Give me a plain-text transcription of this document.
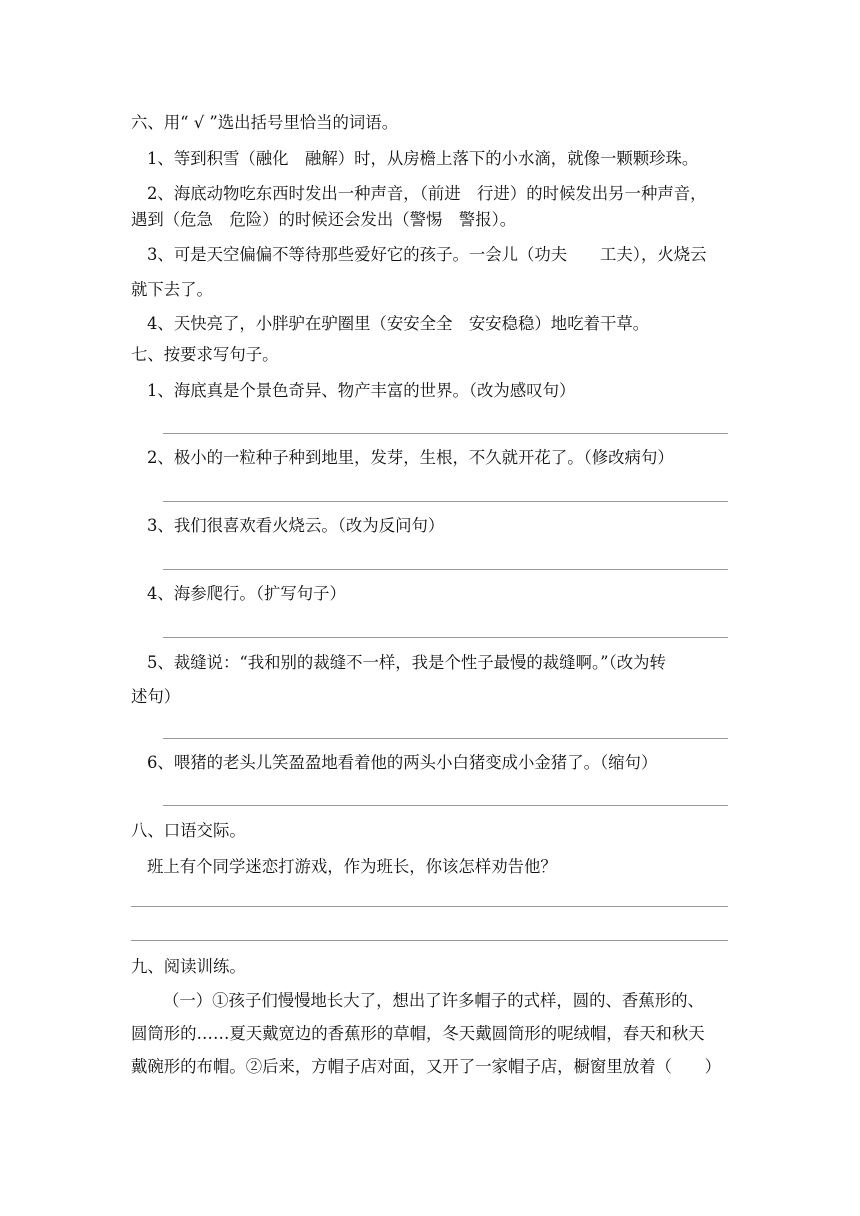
六、用“ √ ”选出括号里恰当的词语。
1、等到积雪（融化　融解）时，从房檐上落下的小水滴，就像一颗颗珍珠。
2、海底动物吃东西时发出一种声音，（前进　行进）的时候发出另一种声音，
遇到（危急　危险）的时候还会发出（警惕　警报）。
3、可是天空偏偏不等待那些爱好它的孩子。一会儿（功夫　　工夫），火烧云
就下去了。
4、天快亮了，小胖驴在驴圈里（安安全全　安安稳稳）地吃着干草。
七、按要求写句子。
1、海底真是个景色奇异、物产丰富的世界。（改为感叹句）
2、极小的一粒种子种到地里，发芽，生根，不久就开花了。（修改病句）
3、我们很喜欢看火烧云。（改为反问句）
4、海参爬行。（扩写句子）
5、裁缝说：“我和别的裁缝不一样，我是个性子最慢的裁缝啊。”（改为转
述句）
6、喂猪的老头儿笑盈盈地看着他的两头小白猪变成小金猪了。（缩句）
八、口语交际。
班上有个同学迷恋打游戏，作为班长，你该怎样劝告他？
九、阅读训练。
（一）①孩子们慢慢地长大了，想出了许多帽子的式样，圆的、香蕉形的、
圆筒形的……夏天戴宽边的香蕉形的草帽，冬天戴圆筒形的呢绒帽，春天和秋天
戴碗形的布帽。②后来，方帽子店对面，又开了一家帽子店，橱窗里放着（　　）
